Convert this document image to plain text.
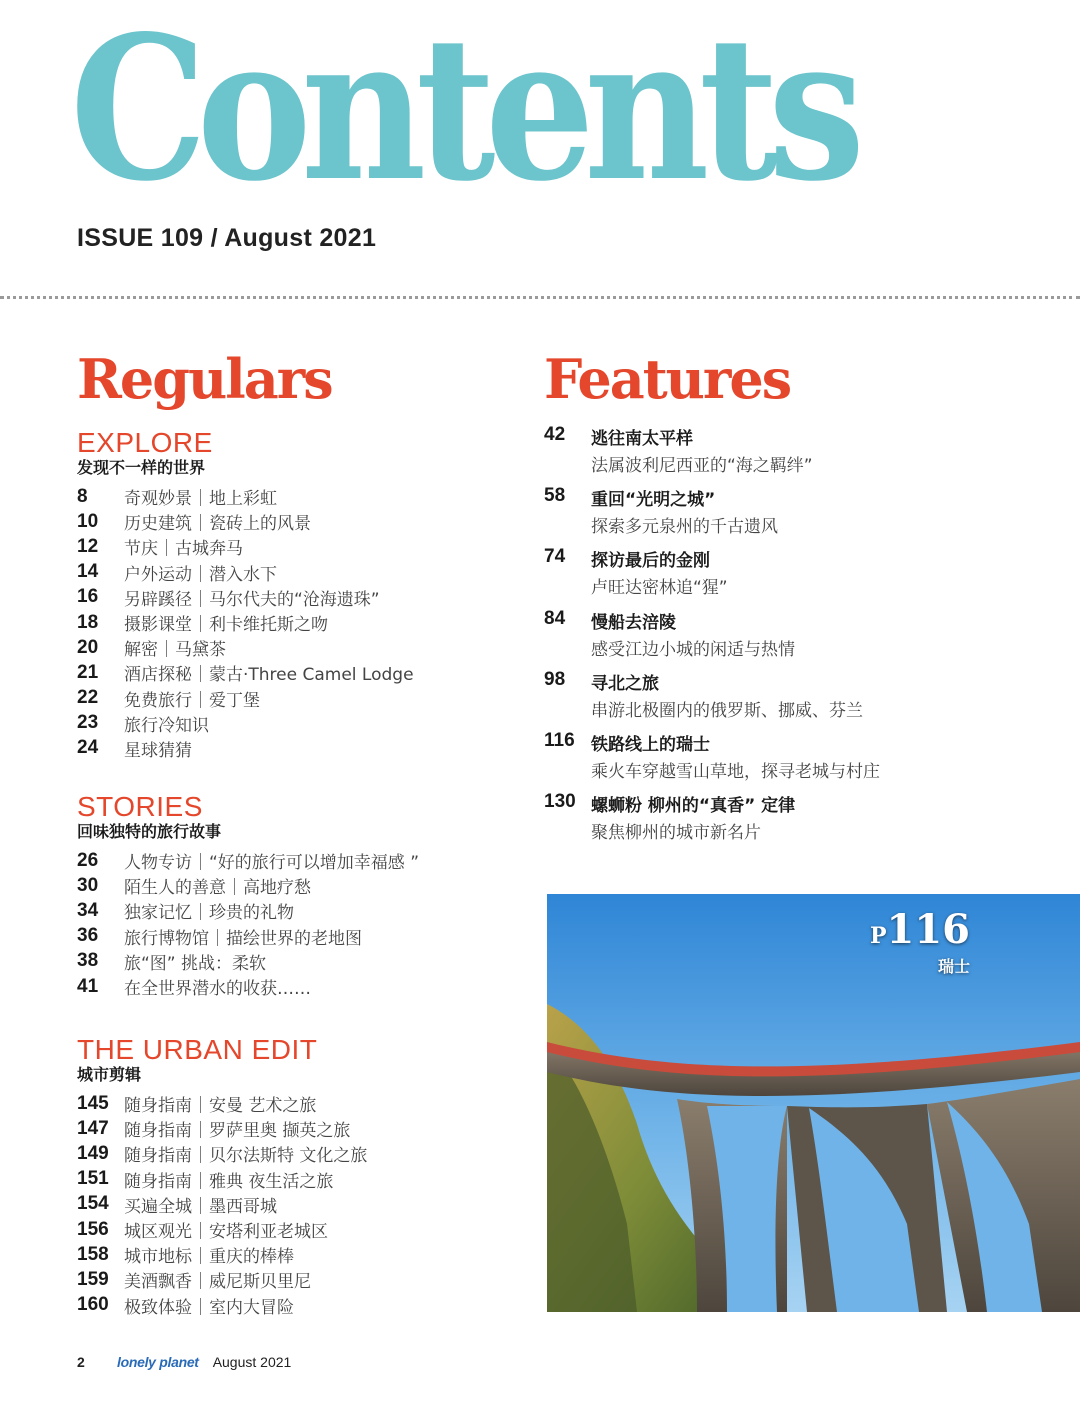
Contents
ISSUE 109 / August 2021
Regulars	Features
EXPLORE
发现不一样的世界
8	奇观妙景｜地上彩虹
10	历史建筑｜瓷砖上的风景
12	节庆｜古城奔马
14	户外运动｜潜入水下
16	另辟蹊径｜马尔代夫的“沧海遗珠”
18	摄影课堂｜利卡维托斯之吻
20	解密｜马黛茶
21	酒店探秘｜蒙古·Three Camel Lodge
22	免费旅行｜爱丁堡
23	旅行冷知识
24	星球猜猜
STORIES
回味独特的旅行故事
26	人物专访｜“好的旅行可以增加幸福感 ”
30	陌生人的善意｜高地疗愁
34	独家记忆｜珍贵的礼物
36	旅行博物馆｜描绘世界的老地图
38	旅“图” 挑战：柔软
41	在全世界潜水的收获……
THE URBAN EDIT
城市剪辑
145 随身指南｜安曼 艺术之旅
147 随身指南｜罗萨里奥 撷英之旅
149 随身指南｜贝尔法斯特 文化之旅
151 随身指南｜雅典 夜生活之旅
154 买遍全城｜墨西哥城
156 城区观光｜安塔利亚老城区
158 城市地标｜重庆的棒棒
159 美酒飘香｜威尼斯贝里尼
160 极致体验｜室内大冒险
42 逃往南太平样
法属波利尼西亚的“海之羁绊”
58 重回“光明之城”
探索多元泉州的千古遗风
74 探访最后的金刚
卢旺达密林追“猩”
84 慢船去涪陵
感受江边小城的闲适与热情
98 寻北之旅
串游北极圈内的俄罗斯、挪威、芬兰
116 铁路线上的瑞士
乘火车穿越雪山草地，探寻老城与村庄
130 螺蛳粉 柳州的“真香” 定律
聚焦柳州的城市新名片
P116
瑞士
2	lonely planet August 2021
